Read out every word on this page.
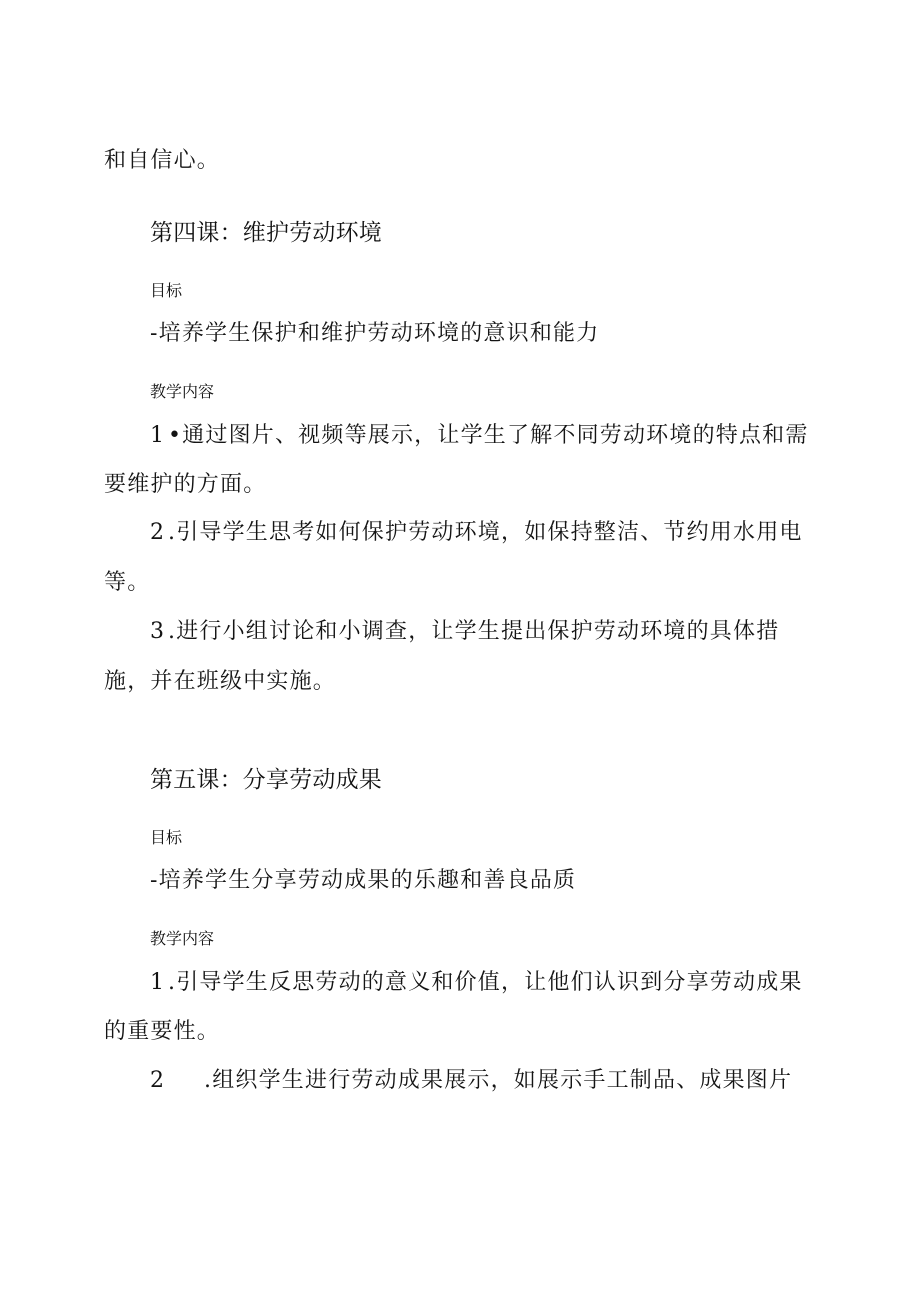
和自信心。
第四课：维护劳动环境
目标
-培养学生保护和维护劳动环境的意识和能力
教学内容
1 •通过图片、视频等展示，让学生了解不同劳动环境的特点和需
要维护的方面。
2 .引导学生思考如何保护劳动环境，如保持整洁、节约用水用电
等。
3 .进行小组讨论和小调查，让学生提出保护劳动环境的具体措
施，并在班级中实施。
第五课：分享劳动成果
目标
-培养学生分享劳动成果的乐趣和善良品质
教学内容
1 .引导学生反思劳动的意义和价值，让他们认识到分享劳动成果
的重要性。
2 .组织学生进行劳动成果展示，如展示手工制品、成果图片
